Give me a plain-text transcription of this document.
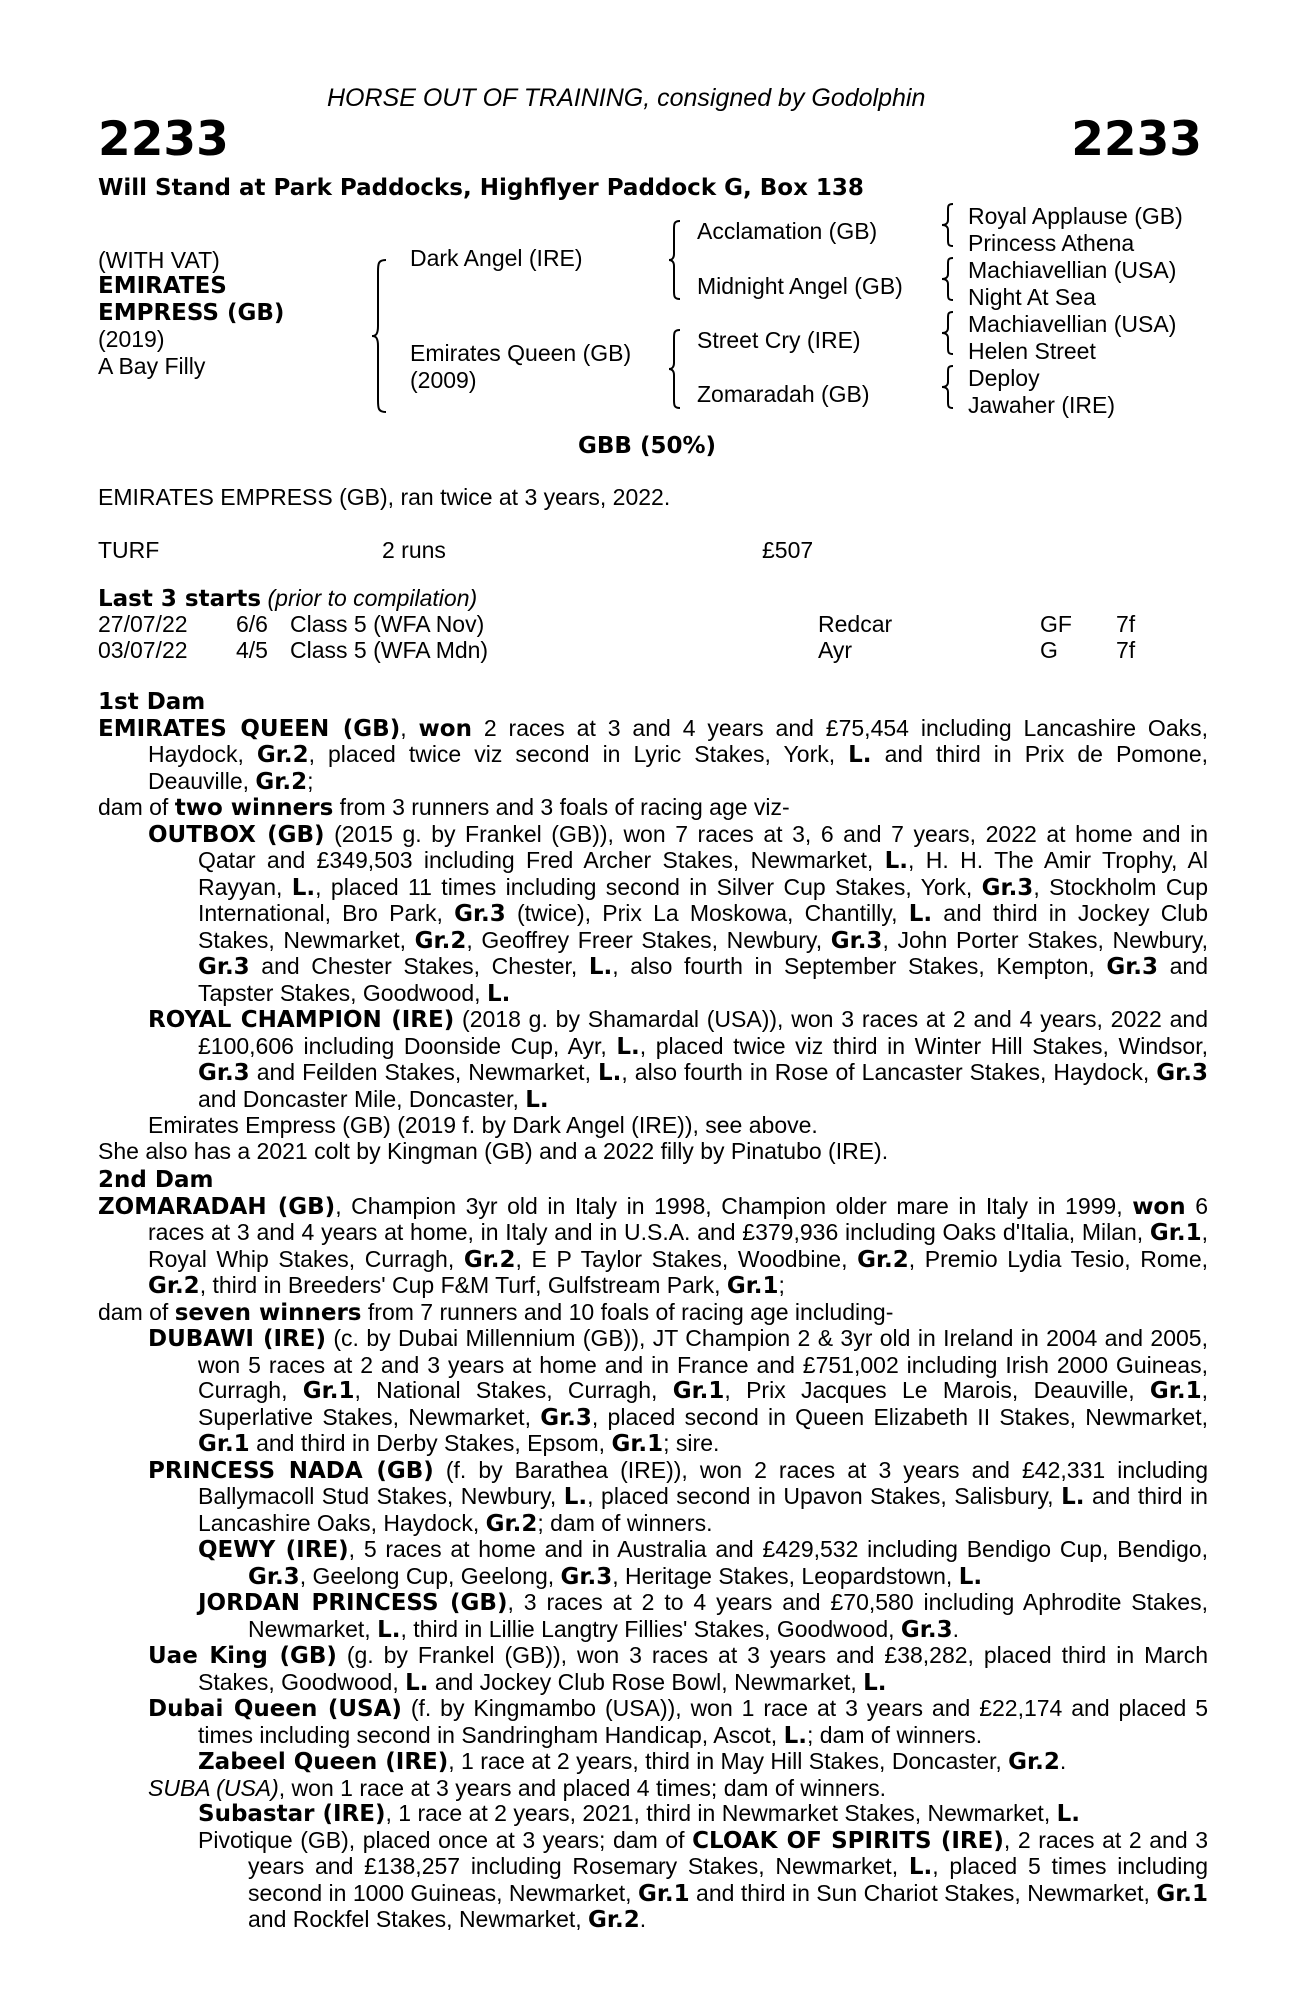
HORSE OUT OF TRAINING, consigned by Godolphin
2233	2233
Will Stand at Park Paddocks, Highflyer Paddock G, Box 138
(WITH VAT)
EMIRATES
EMPRESS (GB)
(2019)
A Bay Filly
Dark Angel (IRE)
Emirates Queen (GB)
(2009)
Acclamation (GB)
Midnight Angel (GB)
Street Cry (IRE)
Zomaradah (GB)
Royal Applause (GB)
Princess Athena
Machiavellian (USA)
Night At Sea
Machiavellian (USA)
Helen Street
Deploy
Jawaher (IRE)
GBB (50%)
EMIRATES EMPRESS (GB), ran twice at 3 years, 2022.
TURF	2 runs	£507
Last 3 starts (prior to compilation)
27/07/22 6/6 Class 5 (WFA Nov)	Redcar	GF 7f
03/07/22 4/5 Class 5 (WFA Mdn)	Ayr	G	7f

1st Dam

EMIRATES QUEEN (GB), won 2 races at 3 and 4 years and £75,454 including Lancashire Oaks, Haydock, Gr.2, placed twice viz second in Lyric Stakes, York, L. and third in Prix de Pomone, Deauville, Gr.2;

dam of two winners from 3 runners and 3 foals of racing age viz-

OUTBOX (GB) (2015 g. by Frankel (GB)), won 7 races at 3, 6 and 7 years, 2022 at home and in Qatar and £349,503 including Fred Archer Stakes, Newmarket, L., H. H. The Amir Trophy, Al Rayyan, L., placed 11 times including second in Silver Cup Stakes, York, Gr.3, Stockholm Cup International, Bro Park, Gr.3 (twice), Prix La Moskowa, Chantilly, L. and third in Jockey Club Stakes, Newmarket, Gr.2, Geoffrey Freer Stakes, Newbury, Gr.3, John Porter Stakes, Newbury, Gr.3 and Chester Stakes, Chester, L., also fourth in September Stakes, Kempton, Gr.3 and Tapster Stakes, Goodwood, L.

ROYAL CHAMPION (IRE) (2018 g. by Shamardal (USA)), won 3 races at 2 and 4 years, 2022 and £100,606 including Doonside Cup, Ayr, L., placed twice viz third in Winter Hill Stakes, Windsor, Gr.3 and Feilden Stakes, Newmarket, L., also fourth in Rose of Lancaster Stakes, Haydock, Gr.3 and Doncaster Mile, Doncaster, L.

Emirates Empress (GB) (2019 f. by Dark Angel (IRE)), see above.

She also has a 2021 colt by Kingman (GB) and a 2022 filly by Pinatubo (IRE).

2nd Dam

ZOMARADAH (GB), Champion 3yr old in Italy in 1998, Champion older mare in Italy in 1999, won 6 races at 3 and 4 years at home, in Italy and in U.S.A. and £379,936 including Oaks d'Italia, Milan, Gr.1, Royal Whip Stakes, Curragh, Gr.2, E P Taylor Stakes, Woodbine, Gr.2, Premio Lydia Tesio, Rome, Gr.2, third in Breeders' Cup F&M Turf, Gulfstream Park, Gr.1;

dam of seven winners from 7 runners and 10 foals of racing age including-

DUBAWI (IRE) (c. by Dubai Millennium (GB)), JT Champion 2 & 3yr old in Ireland in 2004 and 2005, won 5 races at 2 and 3 years at home and in France and £751,002 including Irish 2000 Guineas, Curragh, Gr.1, National Stakes, Curragh, Gr.1, Prix Jacques Le Marois, Deauville, Gr.1, Superlative Stakes, Newmarket, Gr.3, placed second in Queen Elizabeth II Stakes, Newmarket, Gr.1 and third in Derby Stakes, Epsom, Gr.1; sire.

PRINCESS NADA (GB) (f. by Barathea (IRE)), won 2 races at 3 years and £42,331 including Ballymacoll Stud Stakes, Newbury, L., placed second in Upavon Stakes, Salisbury, L. and third in Lancashire Oaks, Haydock, Gr.2; dam of winners.

QEWY (IRE), 5 races at home and in Australia and £429,532 including Bendigo Cup, Bendigo, Gr.3, Geelong Cup, Geelong, Gr.3, Heritage Stakes, Leopardstown, L.

JORDAN PRINCESS (GB), 3 races at 2 to 4 years and £70,580 including Aphrodite Stakes, Newmarket, L., third in Lillie Langtry Fillies' Stakes, Goodwood, Gr.3.

Uae King (GB) (g. by Frankel (GB)), won 3 races at 3 years and £38,282, placed third in March Stakes, Goodwood, L. and Jockey Club Rose Bowl, Newmarket, L.

Dubai Queen (USA) (f. by Kingmambo (USA)), won 1 race at 3 years and £22,174 and placed 5 times including second in Sandringham Handicap, Ascot, L.; dam of winners.

Zabeel Queen (IRE), 1 race at 2 years, third in May Hill Stakes, Doncaster, Gr.2.

SUBA (USA), won 1 race at 3 years and placed 4 times; dam of winners.

Subastar (IRE), 1 race at 2 years, 2021, third in Newmarket Stakes, Newmarket, L.

Pivotique (GB), placed once at 3 years; dam of CLOAK OF SPIRITS (IRE), 2 races at 2 and 3 years and £138,257 including Rosemary Stakes, Newmarket, L., placed 5 times including second in 1000 Guineas, Newmarket, Gr.1 and third in Sun Chariot Stakes, Newmarket, Gr.1 and Rockfel Stakes, Newmarket, Gr.2.
